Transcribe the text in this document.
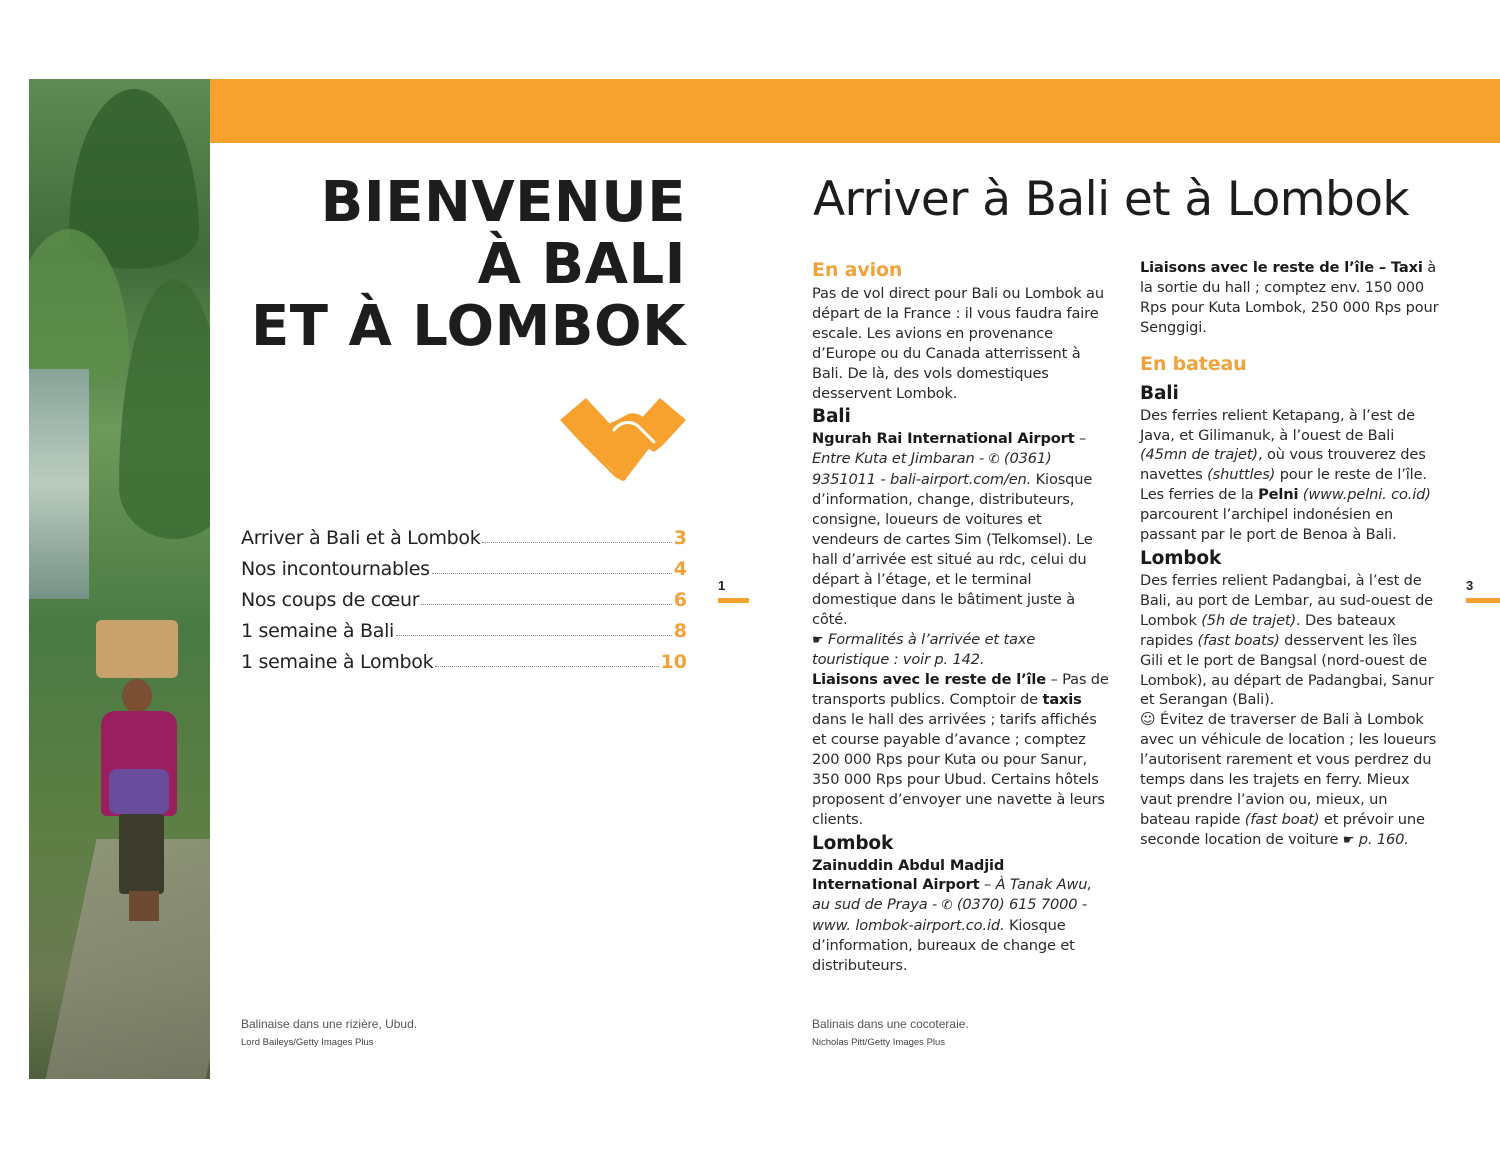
BIENVENUE
À BALI
ET À LOMBOK
Arriver à Bali et à Lombok	3
Nos incontournables	4
Nos coups de cœur	6
1 semaine à Bali	8
1 semaine à Lombok	10
1
Balinaise dans une rizière, Ubud.
Lord Baileys/Getty Images Plus
Arriver à Bali et à Lombok

En avion

Pas de vol direct pour Bali ou Lombok au départ de la France : il vous faudra faire escale. Les avions en provenance d’Europe ou du Canada atterrissent à Bali. De là, des vols domestiques desservent Lombok.

Bali

Ngurah Rai International Airport – Entre Kuta et Jimbaran - ✆ (0361) 9351011 - bali-airport.com/en. Kiosque d’information, change, distributeurs, consigne, loueurs de voitures et vendeurs de cartes Sim (Telkomsel). Le hall d’arrivée est situé au rdc, celui du départ à l’étage, et le terminal domestique dans le bâtiment juste à côté.

☛ Formalités à l’arrivée et taxe touristique : voir p. 142.

Liaisons avec le reste de l’île – Pas de transports publics. Comptoir de taxis dans le hall des arrivées ; tarifs affichés et course payable d’avance ; comptez 200 000 Rps pour Kuta ou pour Sanur, 350 000 Rps pour Ubud. Certains hôtels proposent d’envoyer une navette à leurs clients.

Lombok

Zainuddin Abdul Madjid International Airport – À Tanak Awu, au sud de Praya - ✆ (0370) 615 7000 - www. lombok-airport.co.id. Kiosque d’information, bureaux de change et distributeurs.

Liaisons avec le reste de l’île – Taxi à la sortie du hall ; comptez env. 150 000 Rps pour Kuta Lombok, 250 000 Rps pour Senggigi.

En bateau

Bali

Des ferries relient Ketapang, à l’est de Java, et Gilimanuk, à l’ouest de Bali (45mn de trajet), où vous trouverez des navettes (shuttles) pour le reste de l’île.

Les ferries de la Pelni (www.pelni. co.id) parcourent l’archipel indonésien en passant par le port de Benoa à Bali.

Lombok

Des ferries relient Padangbai, à l’est de Bali, au port de Lembar, au sud-ouest de Lombok (5h de trajet). Des bateaux rapides (fast boats) desservent les îles Gili et le port de Bangsal (nord-ouest de Lombok), au départ de Padangbai, Sanur et Serangan (Bali).

☺ Évitez de traverser de Bali à Lombok avec un véhicule de location ; les loueurs l’autorisent rarement et vous perdrez du temps dans les trajets en ferry. Mieux vaut prendre l’avion ou, mieux, un bateau rapide (fast boat) et prévoir une seconde location de voiture ☛ p. 160.

3
Balinais dans une cocoteraie.
Nicholas Pitt/Getty Images Plus
